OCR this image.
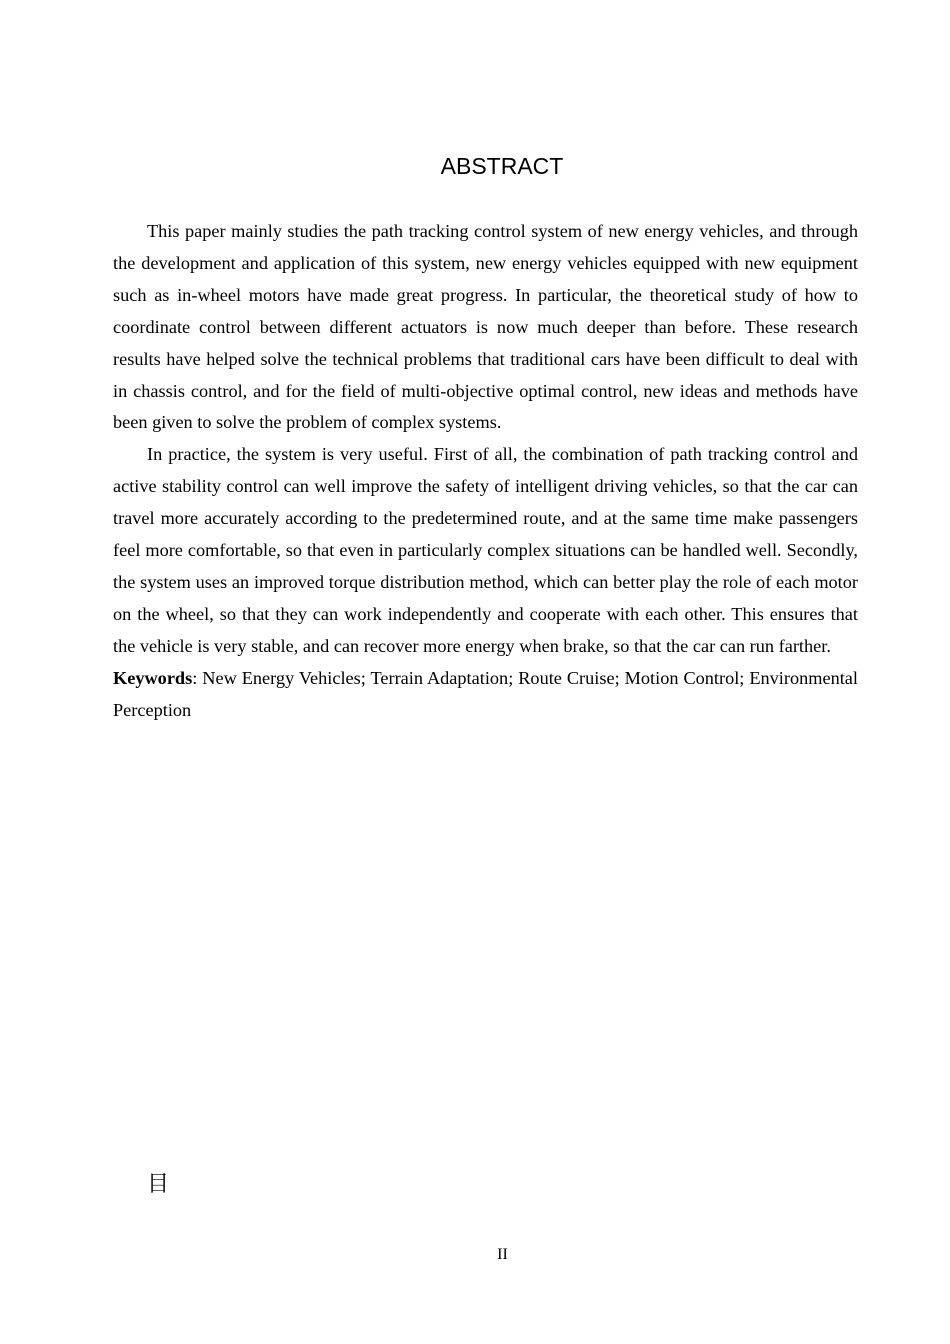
ABSTRACT

This paper mainly studies the path tracking control system of new energy vehicles, and through the development and application of this system, new energy vehicles equipped with new equipment such as in-wheel motors have made great progress. In particular, the theoretical study of how to coordinate control between different actuators is now much deeper than before. These research results have helped solve the technical problems that traditional cars have been difficult to deal with in chassis control, and for the field of multi-objective optimal control, new ideas and methods have been given to solve the problem of complex systems.

In practice, the system is very useful. First of all, the combination of path tracking control and active stability control can well improve the safety of intelligent driving vehicles, so that the car can travel more accurately according to the predetermined route, and at the same time make passengers feel more comfortable, so that even in particularly complex situations can be handled well. Secondly, the system uses an improved torque distribution method, which can better play the role of each motor on the wheel, so that they can work independently and cooperate with each other. This ensures that the vehicle is very stable, and can recover more energy when brake, so that the car can run farther.

Keywords: New Energy Vehicles; Terrain Adaptation; Route Cruise; Motion Control; Environmental Perception

目
II
